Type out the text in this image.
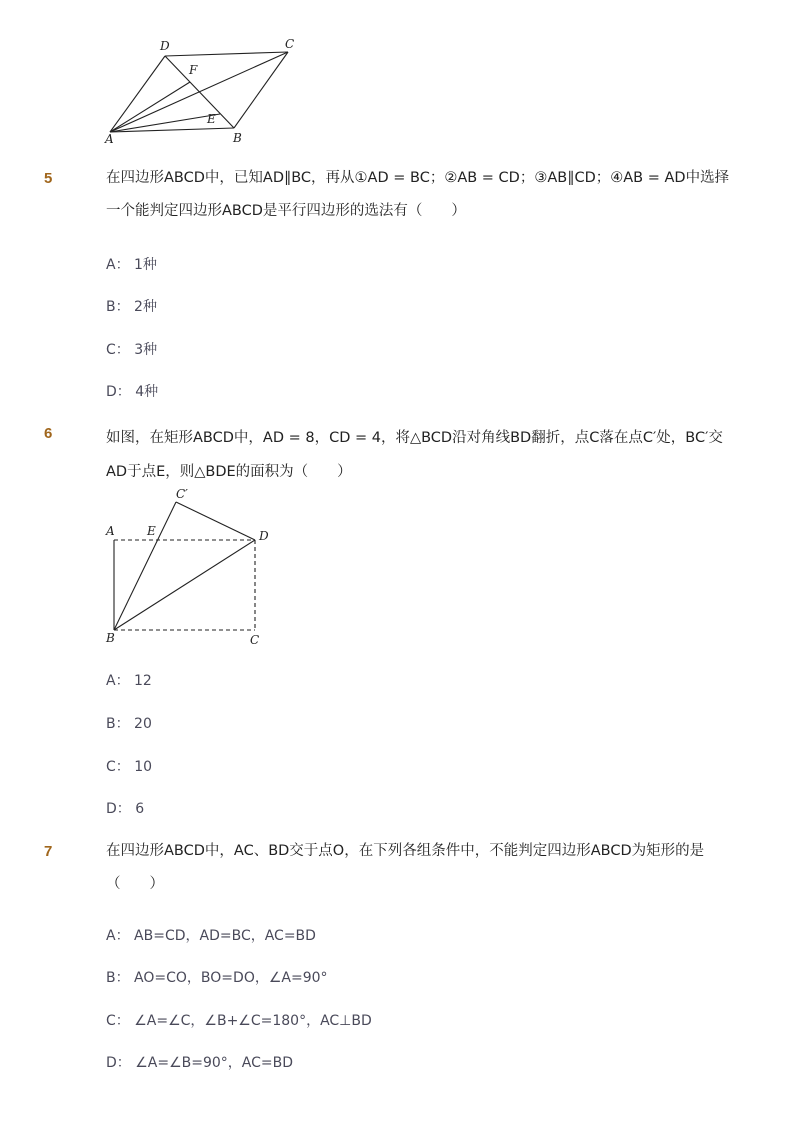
D	C
F
E
A	B
5	在四边形ABCD中，已知AD∥BC，再从①AD = BC；②AB = CD；③AB∥CD；④AB = AD中选择
一个能判定四边形ABCD是平行四边形的选法有（　　）
A： 1种
B： 2种
C： 3种
D： 4种
6	如图，在矩形ABCD中，AD = 8，CD = 4，将△BCD沿对角线BD翻折，点C落在点C′处，BC′交
AD于点E，则△BDE的面积为（　　）
C′
A	E	D
B	C
A： 12
B： 20
C： 10
D： 6
7	在四边形ABCD中，AC、BD交于点O，在下列各组条件中，不能判定四边形ABCD为矩形的是
（　　）
A： AB=CD，AD=BC，AC=BD
B： AO=CO，BO=DO，∠A=90°
C： ∠A=∠C，∠B+∠C=180°，AC⊥BD
D： ∠A=∠B=90°，AC=BD
